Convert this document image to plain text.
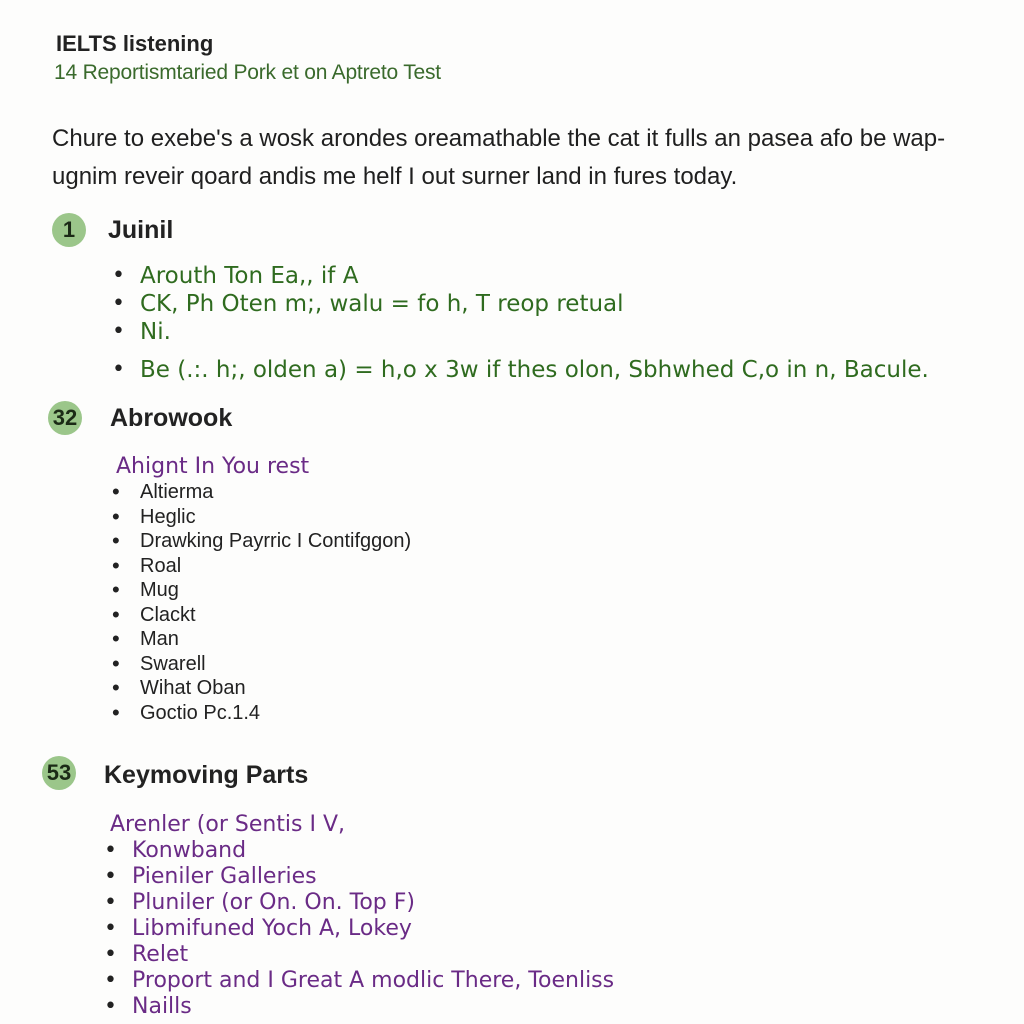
IELTS listening
14 Reportismtaried Pork et on Aptreto Test
Chure to exebe's a wosk arondes oreamathable the cat it fulls an pasea afo be wap- ugnim reveir qoard andis me helf I out surner land in fures today.
1	Juinil
• Arouth Ton Ea,, if A
• CK, Ph Oten m;, walu = fo h, T reop retual
• Ni.
• Be (.:. h;, olden a) = h,o x 3w if thes olon, Sbhwhed C,o in n, Bacule.
32 Abrowook
Ahignt In You rest
• Altierma
• Heglic
• Drawking Payrric I Contifggon)
• Roal
• Mug
• Clackt
• Man
• Swarell
• Wihat Oban
• Goctio Pc.1.4
53 Keymoving Parts
Arenler (or Sentis I V,
• Konwband
• Pieniler Galleries
• Pluniler (or On. On. Top F)
• Libmifuned Yoch A, Lokey
• Relet
• Proport and I Great A modlic There, Toenliss
• Naills
